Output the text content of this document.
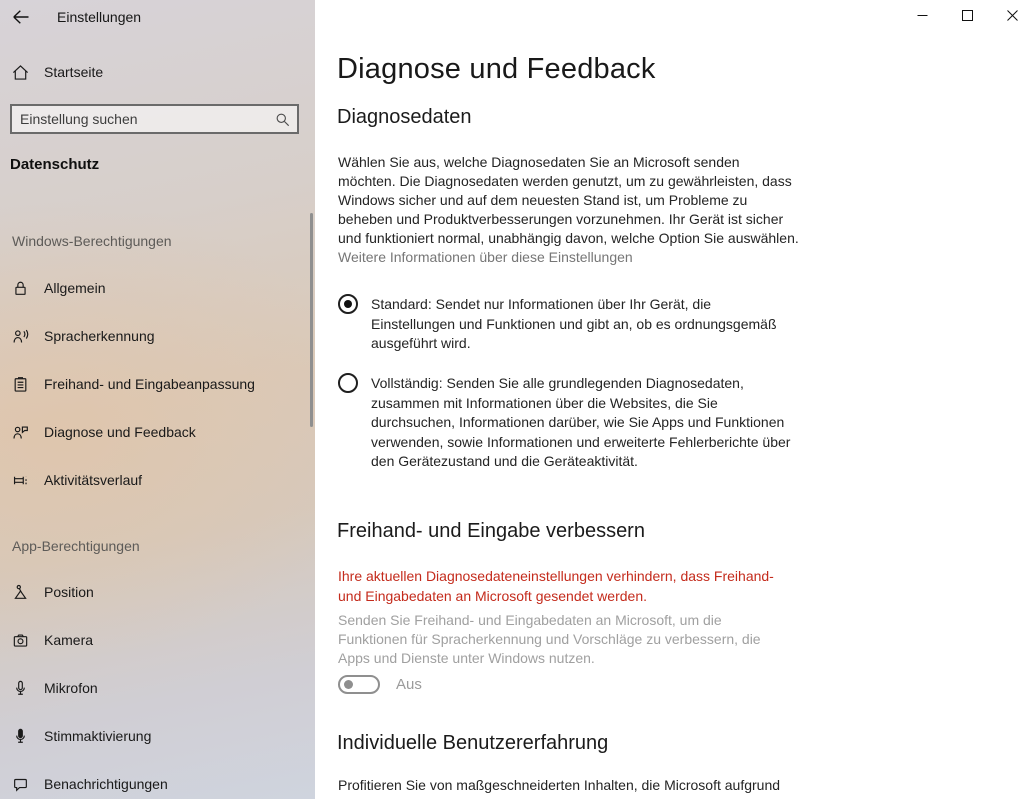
Einstellungen
Startseite
Einstellung suchen
Datenschutz
Windows-Berechtigungen
Allgemein
Spracherkennung
Freihand- und Eingabeanpassung
Diagnose und Feedback
Aktivitätsverlauf
App-Berechtigungen
Position
Kamera
Mikrofon
Stimmaktivierung
Benachrichtigungen
Diagnose und Feedback
Diagnosedaten

Wählen Sie aus, welche Diagnosedaten Sie an Microsoft senden möchten. Die Diagnosedaten werden genutzt, um zu gewährleisten, dass Windows sicher und auf dem neuesten Stand ist, um Probleme zu beheben und Produktverbesserungen vorzunehmen. Ihr Gerät ist sicher und funktioniert normal, unabhängig davon, welche Option Sie auswählen. Weitere Informationen über diese Einstellungen

Standard: Sendet nur Informationen über Ihr Gerät, die Einstellungen und Funktionen und gibt an, ob es ordnungsgemäß ausgeführt wird.
Vollständig: Senden Sie alle grundlegenden Diagnosedaten, zusammen mit Informationen über die Websites, die Sie durchsuchen, Informationen darüber, wie Sie Apps und Funktionen verwenden, sowie Informationen und erweiterte Fehlerberichte über den Gerätezustand und die Geräteaktivität.
Freihand- und Eingabe verbessern

Ihre aktuellen Diagnosedateneinstellungen verhindern, dass Freihand- und Eingabedaten an Microsoft gesendet werden.

Senden Sie Freihand- und Eingabedaten an Microsoft, um die Funktionen für Spracherkennung und Vorschläge zu verbessern, die Apps und Dienste unter Windows nutzen.

Aus
Individuelle Benutzererfahrung

Profitieren Sie von maßgeschneiderten Inhalten, die Microsoft aufgrund
